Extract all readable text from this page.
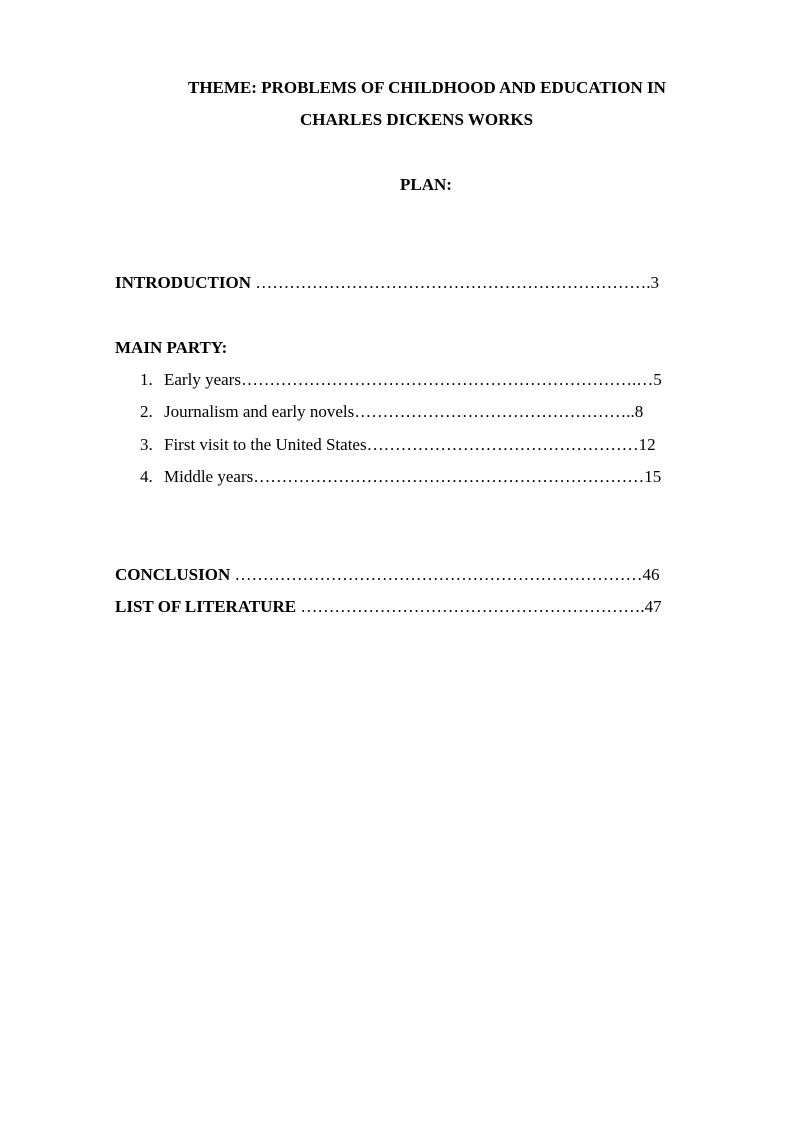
THEME: PROBLEMS OF CHILDHOOD AND EDUCATION IN
CHARLES DICKENS WORKS
PLAN:
INTRODUCTION …………………………………………………………….3
MAIN PARTY:
1. Early years…………………………………………………………….…5
2. Journalism and early novels…………………………………………..8
3. First visit to the United States…………………………………………12
4. Middle years……………………………………………………………15
CONCLUSION ………………………………………………………………46
LIST OF LITERATURE …………………………………………………….47
